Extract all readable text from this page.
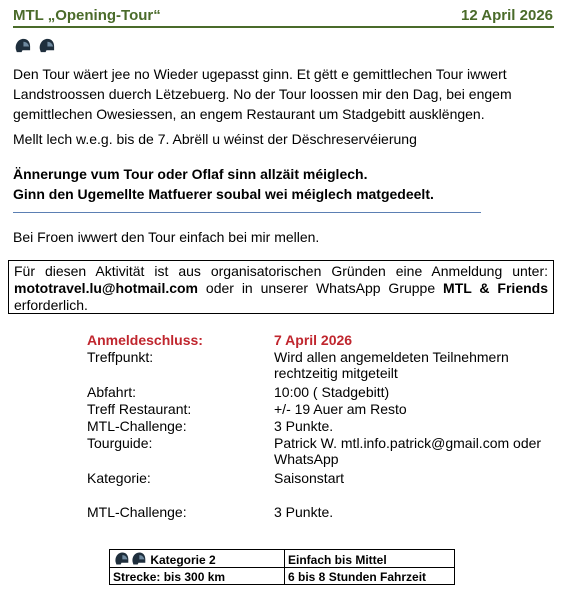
MTL „Opening-Tour“	12 April 2026

Den Tour wäert jee no Wieder ugepasst ginn. Et gëtt e gemittlechen Tour iwwert Landstroossen duerch Lëtzebuerg. No der Tour loossen mir den Dag, bei engem gemittlechen Owesiessen, an engem Restaurant um Stadgebitt ausklëngen.
Mellt lech w.e.g. bis de 7. Abrëll u wéinst der Dëschreservéierung
Ännerunge vum Tour oder Oflaf sinn allzäit méiglech.
Ginn den Ugemellte Matfuerer soubal wei méiglech matgedeelt.
Bei Froen iwwert den Tour einfach bei mir mellen.
Für diesen Aktivität ist aus organisatorischen Gründen eine Anmeldung unter: mototravel.lu@hotmail.com oder in unserer WhatsApp Gruppe MTL & Friends erforderlich.
Anmeldeschluss:	7 April 2026
Treffpunkt:	Wird allen angemeldeten Teilnehmern rechtzeitig mitgeteilt
Abfahrt:	10:00 ( Stadgebitt)
Treff Restaurant:	+/- 19 Auer am Resto
MTL-Challenge:	3 Punkte.
Tourguide:	Patrick W. mtl.info.patrick@gmail.com oder WhatsApp
Kategorie:	Saisonstart
MTL-Challenge:	3 Punkte.
Kategorie 2	Einfach bis Mittel
Strecke: bis 300 km	6 bis 8 Stunden Fahrzeit
